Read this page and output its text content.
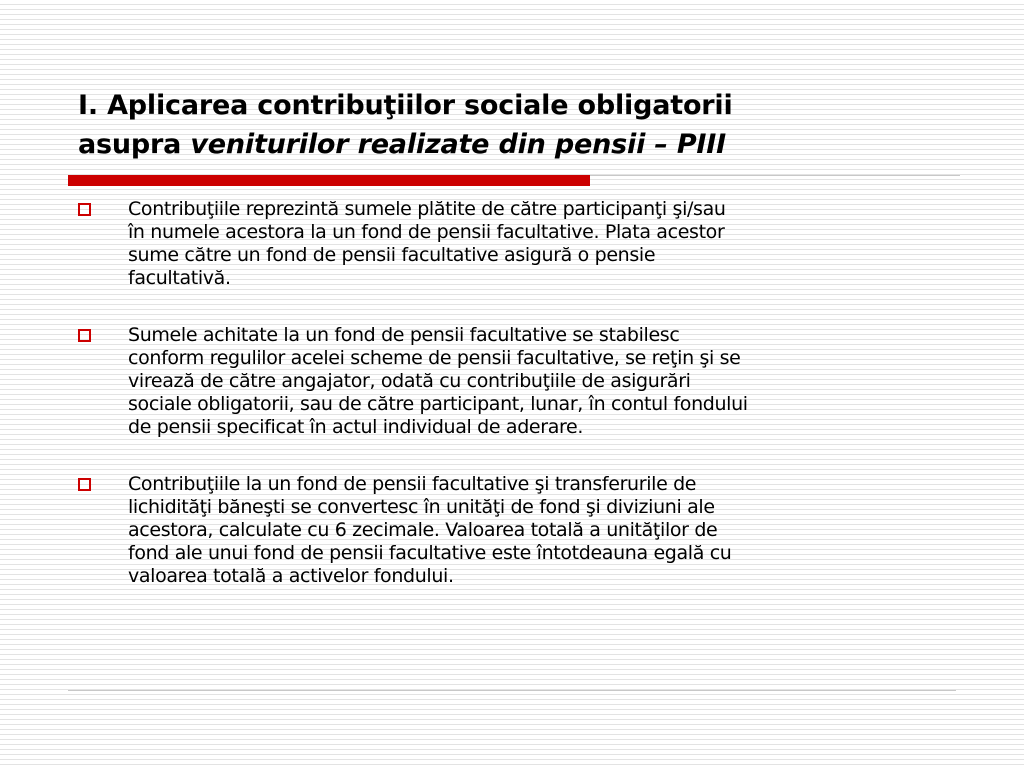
I. Aplicarea contribuţiilor sociale obligatorii
asupra veniturilor realizate din pensii – PIII
Contribuţiile reprezintă sumele plătite de către participanţi şi/sau
în numele acestora la un fond de pensii facultative. Plata acestor
sume către un fond de pensii facultative asigură o pensie
facultativă.
Sumele achitate la un fond de pensii facultative se stabilesc
conform regulilor acelei scheme de pensii facultative, se reţin şi se
virează de către angajator, odată cu contribuţiile de asigurări
sociale obligatorii, sau de către participant, lunar, în contul fondului
de pensii specificat în actul individual de aderare.
Contribuţiile la un fond de pensii facultative şi transferurile de
lichidităţi băneşti se convertesc în unităţi de fond şi diviziuni ale
acestora, calculate cu 6 zecimale. Valoarea totală a unităţilor de
fond ale unui fond de pensii facultative este întotdeauna egală cu
valoarea totală a activelor fondului.
